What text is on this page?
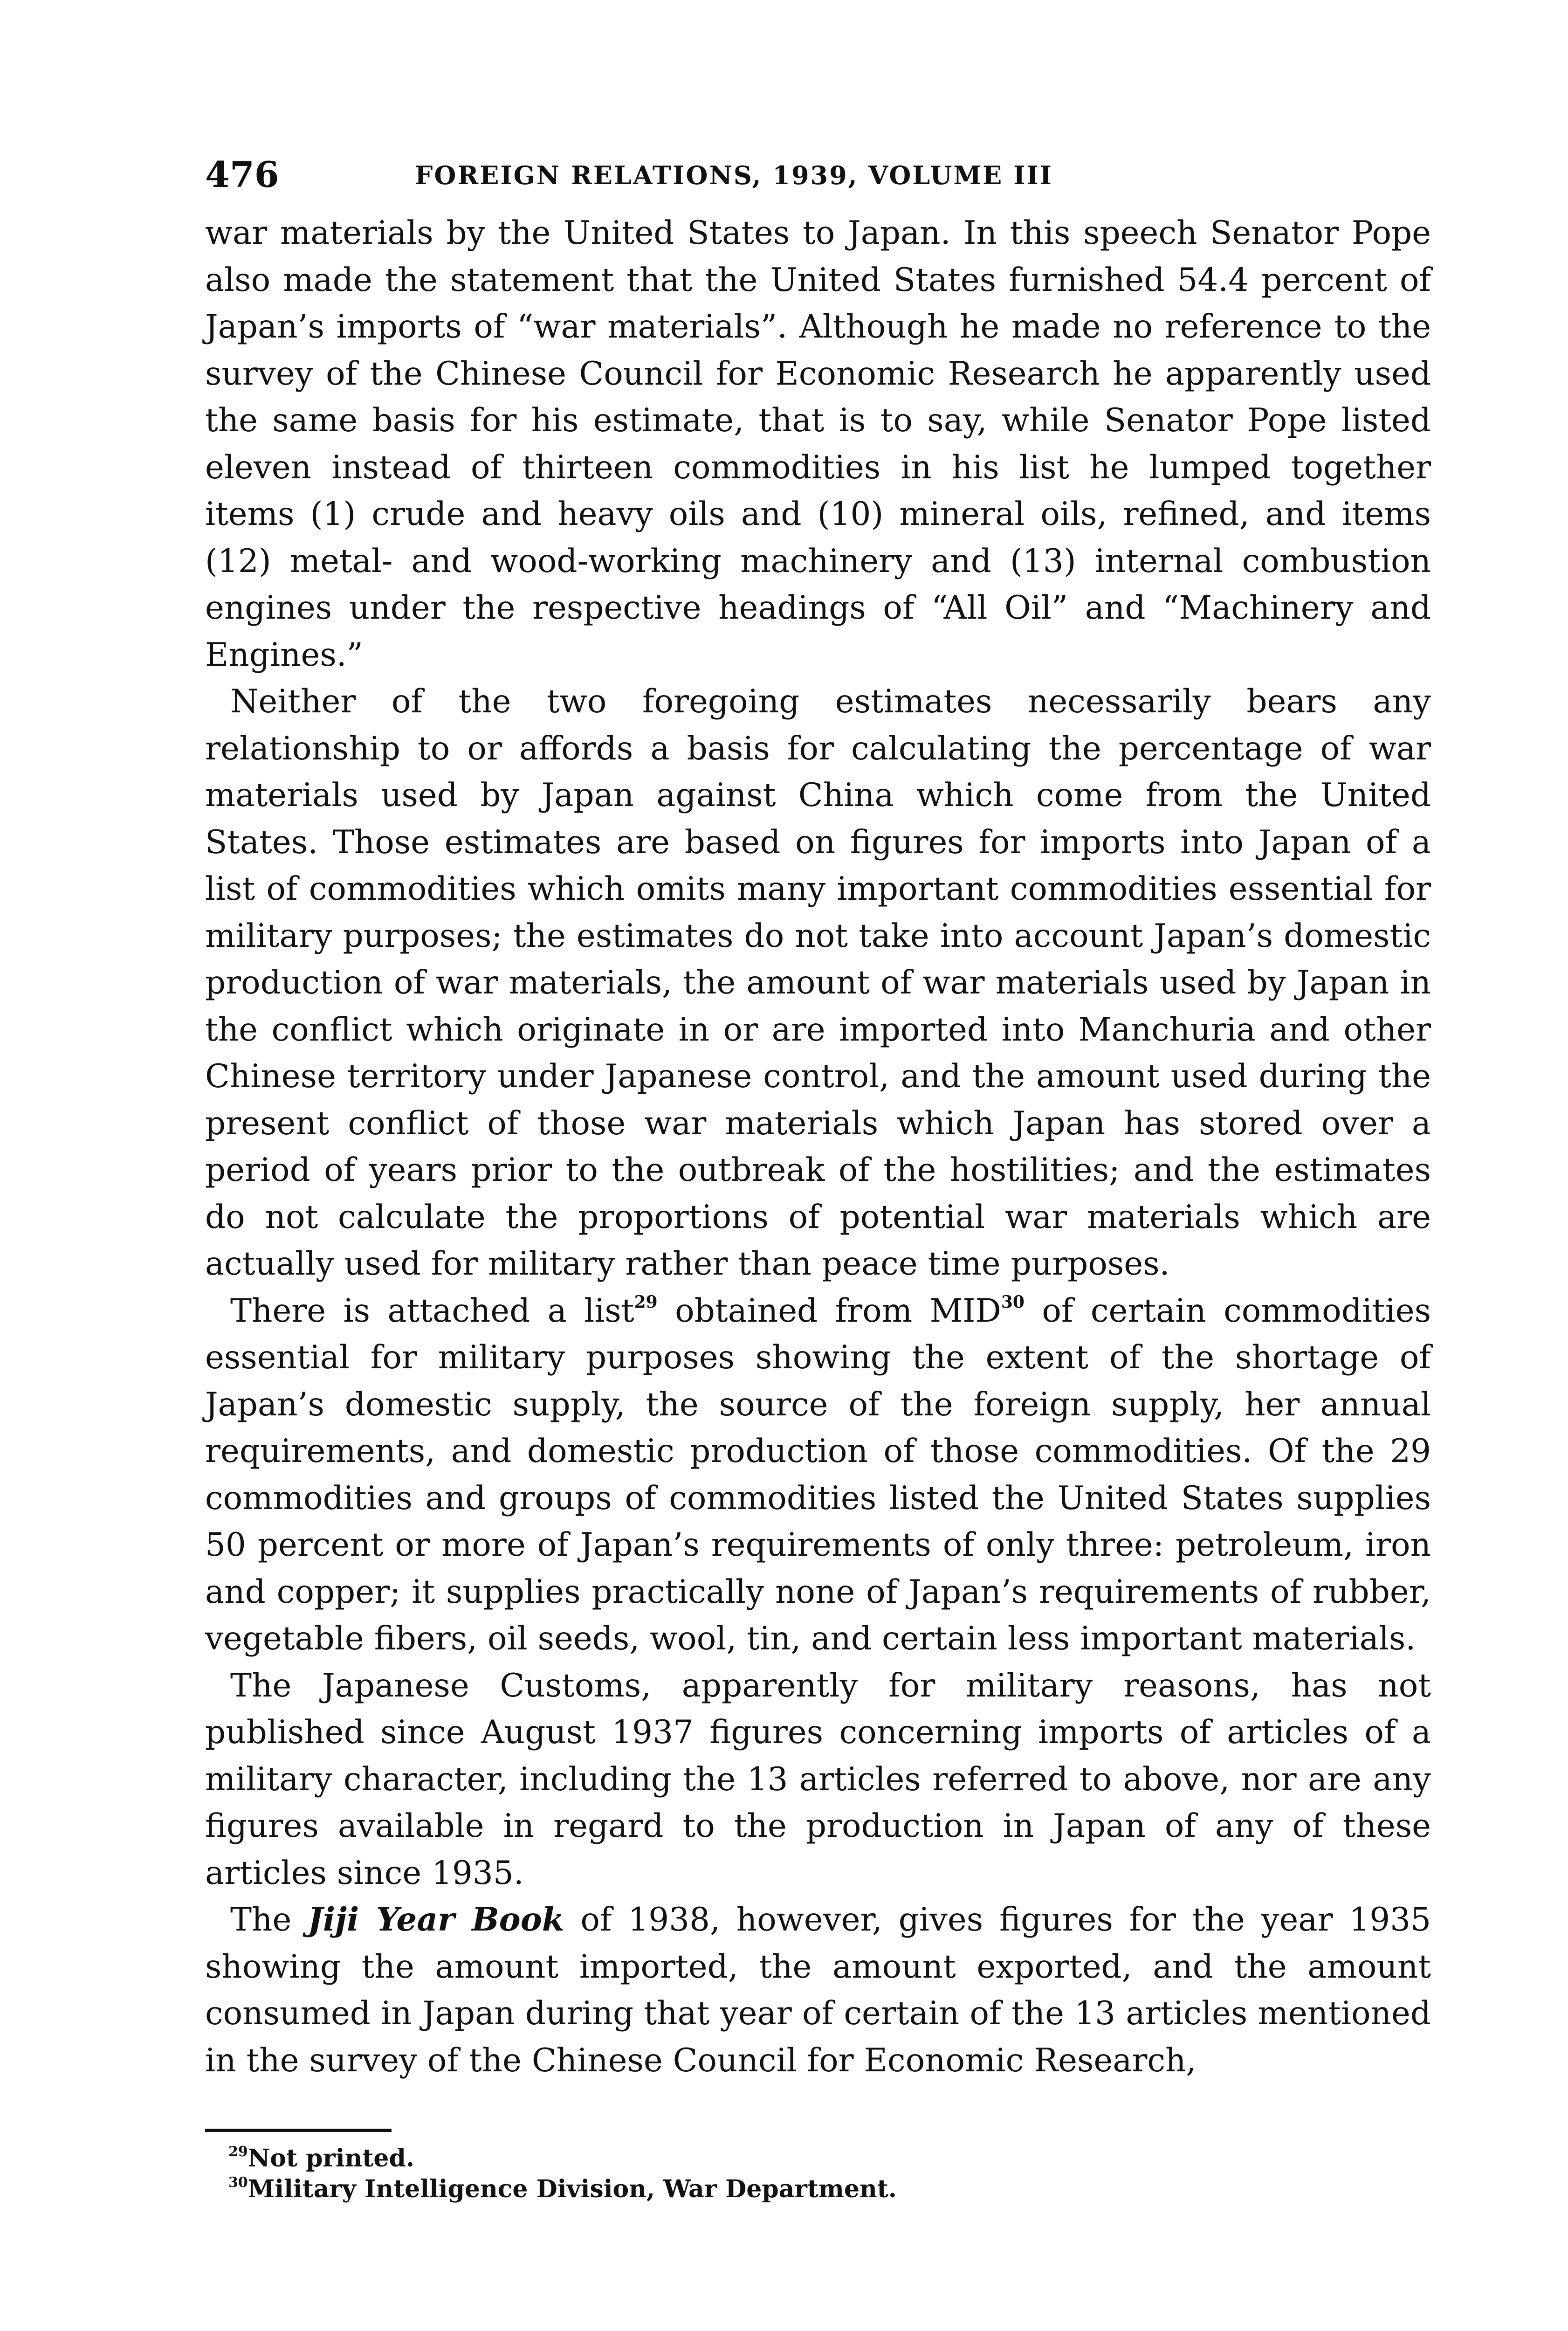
476	FOREIGN RELATIONS, 1939, VOLUME III

war materials by the United States to Japan. In this speech Senator Pope also made the statement that the United States furnished 54.4 percent of Japan’s imports of “war materials”. Although he made no reference to the survey of the Chinese Council for Economic Research he apparently used the same basis for his estimate, that is to say, while Senator Pope listed eleven instead of thirteen commodities in his list he lumped together items (1) crude and heavy oils and (10) mineral oils, refined, and items (12) metal- and wood-working machinery and (13) internal combustion engines under the respective headings of “All Oil” and “Machinery and Engines.”

Neither of the two foregoing estimates necessarily bears any relationship to or affords a basis for calculating the percentage of war materials used by Japan against China which come from the United States. Those estimates are based on figures for imports into Japan of a list of commodities which omits many important commodities essential for military purposes; the estimates do not take into account Japan’s domestic production of war materials, the amount of war materials used by Japan in the conflict which originate in or are imported into Manchuria and other Chinese territory under Japanese control, and the amount used during the present conflict of those war materials which Japan has stored over a period of years prior to the outbreak of the hostilities; and the estimates do not calculate the proportions of potential war materials which are actually used for military rather than peace time purposes.

There is attached a list$^{29}$ obtained from MID$^{30}$ of certain commodities essential for military purposes showing the extent of the shortage of Japan’s domestic supply, the source of the foreign supply, her annual requirements, and domestic production of those commodities. Of the 29 commodities and groups of commodities listed the United States supplies 50 percent or more of Japan’s requirements of only three: petroleum, iron and copper; it supplies practically none of Japan’s requirements of rubber, vegetable fibers, oil seeds, wool, tin, and certain less important materials.

The Japanese Customs, apparently for military reasons, has not published since August 1937 figures concerning imports of articles of a military character, including the 13 articles referred to above, nor are any figures available in regard to the production in Japan of any of these articles since 1935.

The Jiji Year Book of 1938, however, gives figures for the year 1935 showing the amount imported, the amount exported, and the amount consumed in Japan during that year of certain of the 13 articles mentioned in the survey of the Chinese Council for Economic Research,

$^{29}$Not printed.

$^{30}$Military Intelligence Division, War Department.
